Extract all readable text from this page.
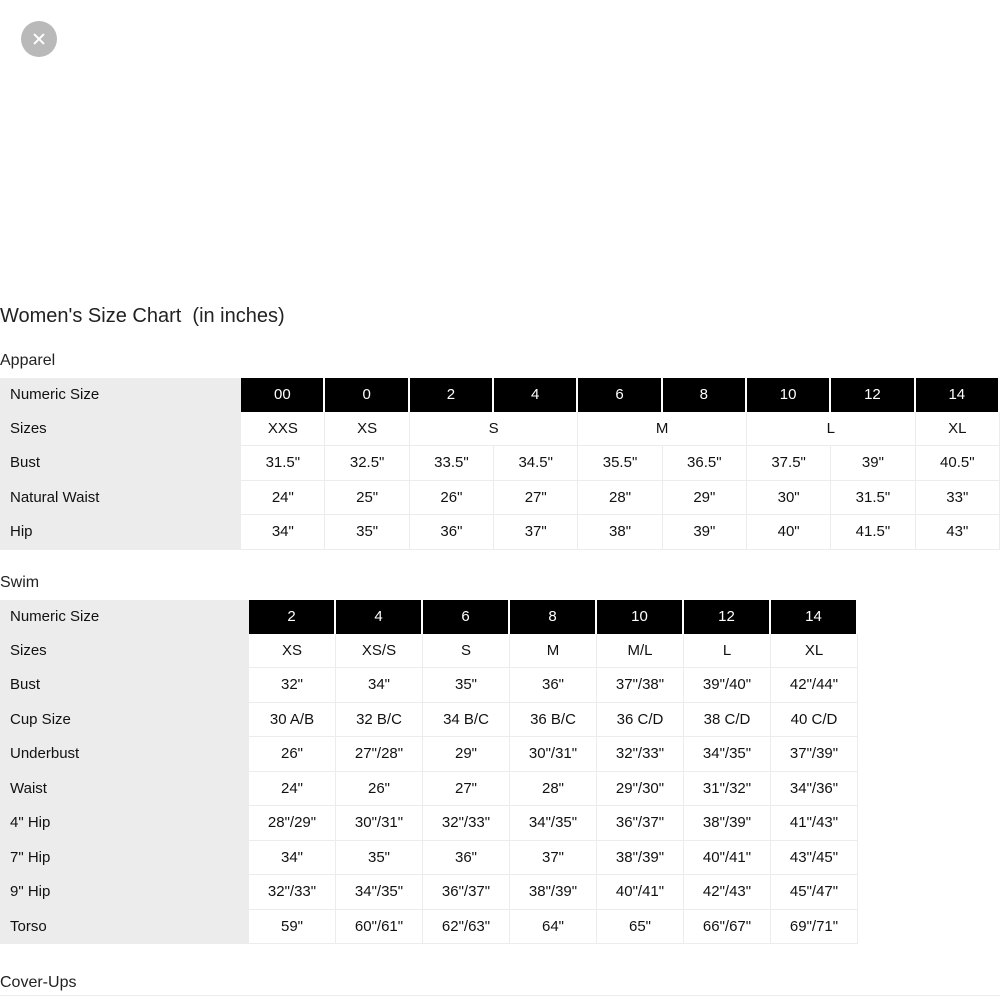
Women's Size Chart  (in inches)
Apparel
Numeric Size	00	0	2	4	6	8	10	12	14
Sizes	XXS	XS	S		M		L		XL
Bust	31.5"	32.5"	33.5"	34.5"	35.5"	36.5"	37.5"	39"	40.5"
Natural Waist	24"	25"	26"	27"	28"	29"	30"	31.5"	33"
Hip	34"	35"	36"	37"	38"	39"	40"	41.5"	43"
Swim
Numeric Size	2	4	6	8	10	12	14
Sizes	XS	XS/S	S	M	M/L	L	XL
Bust	32"	34"	35"	36"	37"/38"	39"/40"	42"/44"
Cup Size	30 A/B	32 B/C	34 B/C	36 B/C	36 C/D	38 C/D	40 C/D
Underbust	26"	27"/28"	29"	30"/31"	32"/33"	34"/35"	37"/39"
Waist	24"	26"	27"	28"	29"/30"	31"/32"	34"/36"
4" Hip	28"/29"	30"/31"	32"/33"	34"/35"	36"/37"	38"/39"	41"/43"
7" Hip	34"	35"	36"	37"	38"/39"	40"/41"	43"/45"
9" Hip	32"/33"	34"/35"	36"/37"	38"/39"	40"/41"	42"/43"	45"/47"
Torso	59"	60"/61"	62"/63"	64"	65"	66"/67"	69"/71"
Cover-Ups
